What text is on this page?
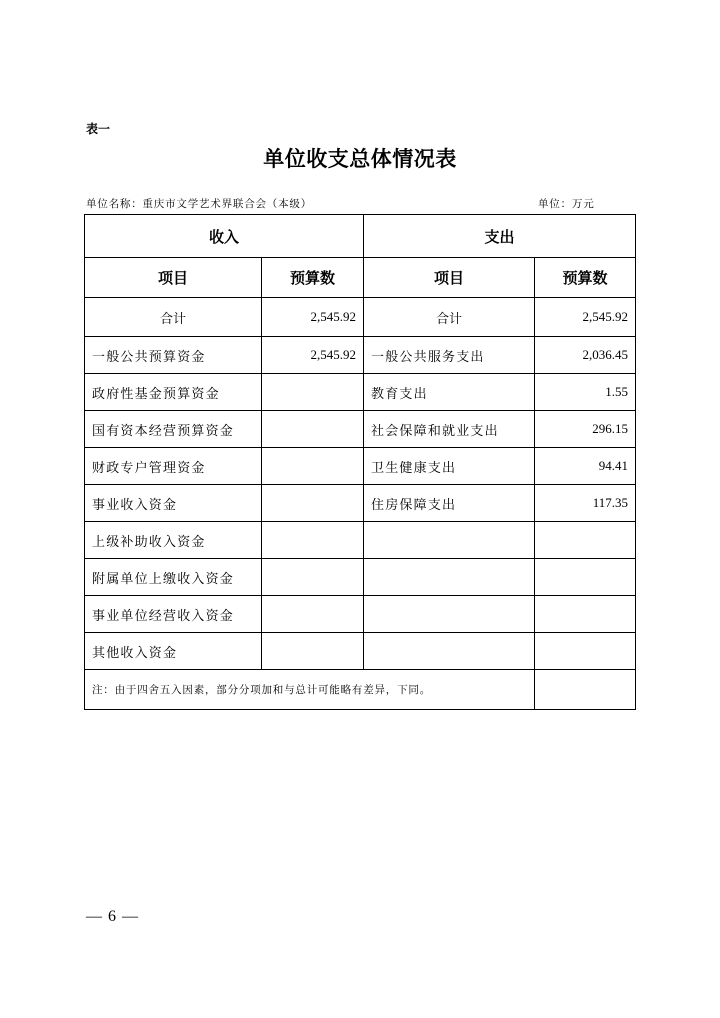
表一
单位收支总体情况表
单位名称：重庆市文学艺术界联合会（本级）	单位：万元
收入		支出	
项目	预算数	项目	预算数
合计	2,545.92	合计	2,545.92
一般公共预算资金	2,545.92	一般公共服务支出	2,036.45
政府性基金预算资金		教育支出	1.55
国有资本经营预算资金		社会保障和就业支出	296.15
财政专户管理资金		卫生健康支出	94.41
事业收入资金		住房保障支出	117.35
上级补助收入资金			
附属单位上缴收入资金			
事业单位经营收入资金			
其他收入资金			
注：由于四舍五入因素，部分分项加和与总计可能略有差异，下同。			
— 6 —
